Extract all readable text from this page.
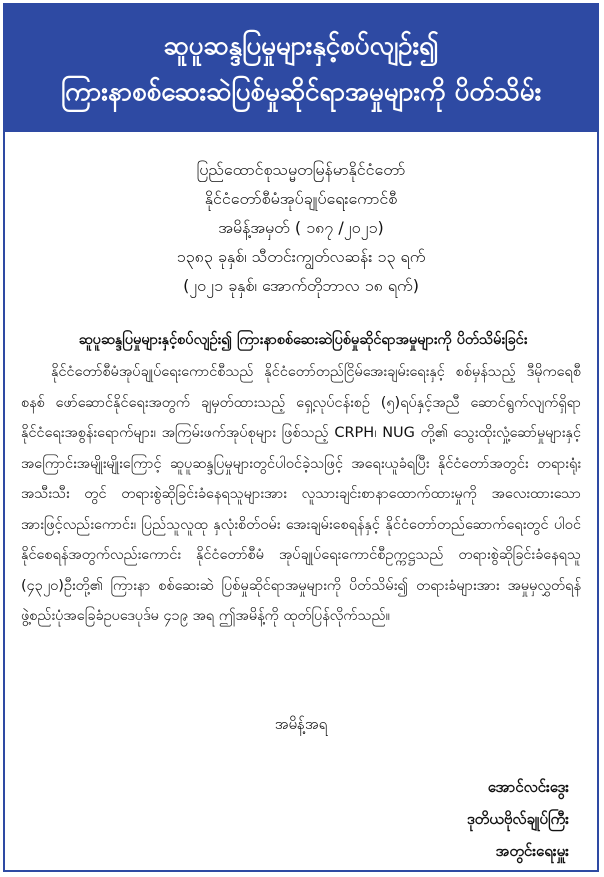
ဆူပူဆန္ဒပြမှုများနှင့်စပ်လျဉ်း၍
ကြားနာစစ်ဆေးဆဲပြစ်မှုဆိုင်ရာအမှုများကို ပိတ်သိမ်း
ပြည်ထောင်စုသမ္မတမြန်မာနိုင်ငံတော်
နိုင်ငံတော်စီမံအုပ်ချုပ်ရေးကောင်စီ
အမိန့်အမှတ် ( ၁၈၇ /၂၀၂၁)
၁၃၈၃ ခုနှစ်၊ သီတင်းကျွတ်လဆန်း ၁၃ ရက်
(၂၀၂၁ ခုနှစ်၊ အောက်တိုဘာလ ၁၈ ရက်)
ဆူပူဆန္ဒပြမှုများနှင့်စပ်လျဉ်း၍ ကြားနာစစ်ဆေးဆဲပြစ်မှုဆိုင်ရာအမှုများကို ပိတ်သိမ်းခြင်း
နိုင်ငံတော်စီမံအုပ်ချုပ်ရေးကောင်စီသည် နိုင်ငံတော်တည်ငြိမ်အေးချမ်းရေးနှင့် စစ်မှန်သည့် ဒီမိုကရေစီစနစ် ဖော်ဆောင်နိုင်ရေးအတွက် ချမှတ်ထားသည့် ရှေ့လုပ်ငန်းစဉ် (၅)ရပ်နှင့်အညီ ဆောင်ရွက်လျက်ရှိရာ နိုင်ငံရေးအစွန်းရောက်များ၊ အကြမ်းဖက်အုပ်စုများ ဖြစ်သည့် CRPH၊ NUG တို့၏ သွေးထိုးလှုံ့ဆော်မှုများနှင့် အကြောင်းအမျိုးမျိုးကြောင့် ဆူပူဆန္ဒပြမှုများတွင်ပါဝင်ခဲ့သဖြင့် အရေးယူခံရပြီး နိုင်ငံတော်အတွင်း တရားရုံးအသီးသီး တွင် တရားစွဲဆိုခြင်းခံနေရသူများအား လူသားချင်းစာနာထောက်ထားမှုကို အလေးထားသောအားဖြင့်လည်းကောင်း၊ ပြည်သူလူထု နှလုံးစိတ်ဝမ်း အေးချမ်းစေရန်နှင့် နိုင်ငံတော်တည်ဆောက်ရေးတွင် ပါဝင်နိုင်စေရန်အတွက်လည်းကောင်း နိုင်ငံတော်စီမံ အုပ်ချုပ်ရေးကောင်စီဥက္ကဋ္ဌသည် တရားစွဲဆိုခြင်းခံနေရသူ (၄၃၂၀)ဦးတို့၏ ကြားနာ စစ်ဆေးဆဲ ပြစ်မှုဆိုင်ရာအမှုများကို ပိတ်သိမ်း၍ တရားခံများအား အမှုမှလွှတ်ရန် ဖွဲ့စည်းပုံအခြေခံဥပဒေပုဒ်မ ၄၁၉ အရ ဤအမိန့်ကို ထုတ်ပြန်လိုက်သည်။
အမိန့်အရ
အောင်လင်းဒွေး
ဒုတိယဗိုလ်ချုပ်ကြီး
အတွင်းရေးမှူး
